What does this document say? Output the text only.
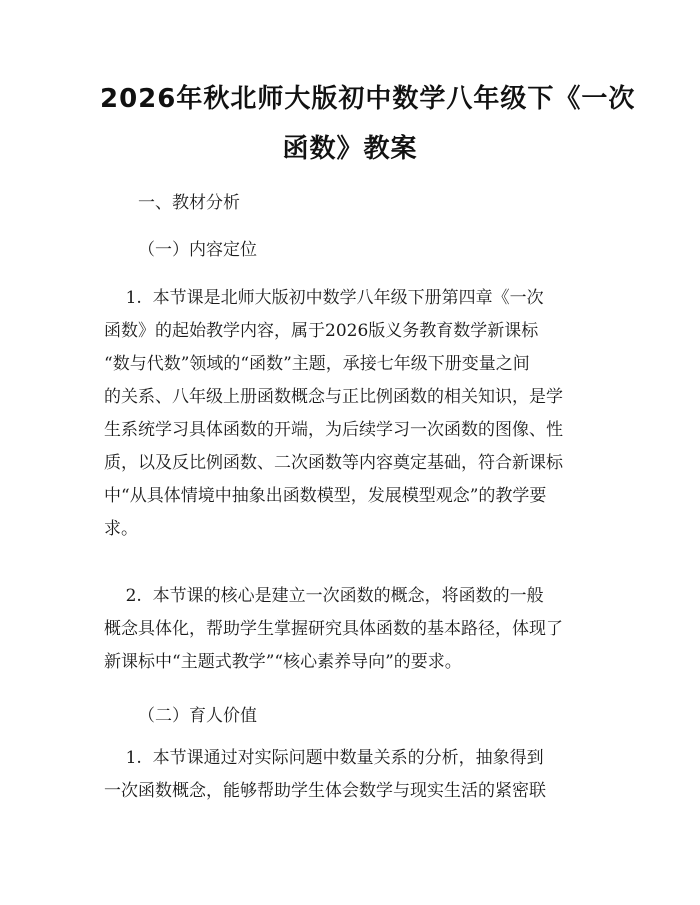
2026年秋北师大版初中数学八年级下《一次
函数》教案
一、教材分析
（一）内容定位
1.  本节课是北师大版初中数学八年级下册第四章《一次
函数》的起始教学内容，属于2026版义务教育数学新课标
“数与代数”领域的“函数”主题，承接七年级下册变量之间
的关系、八年级上册函数概念与正比例函数的相关知识，是学
生系统学习具体函数的开端，为后续学习一次函数的图像、性
质，以及反比例函数、二次函数等内容奠定基础，符合新课标
中“从具体情境中抽象出函数模型，发展模型观念”的教学要
求。
2.  本节课的核心是建立一次函数的概念，将函数的一般
概念具体化，帮助学生掌握研究具体函数的基本路径，体现了
新课标中“主题式教学”“核心素养导向”的要求。
（二）育人价值
1.  本节课通过对实际问题中数量关系的分析，抽象得到
一次函数概念，能够帮助学生体会数学与现实生活的紧密联
